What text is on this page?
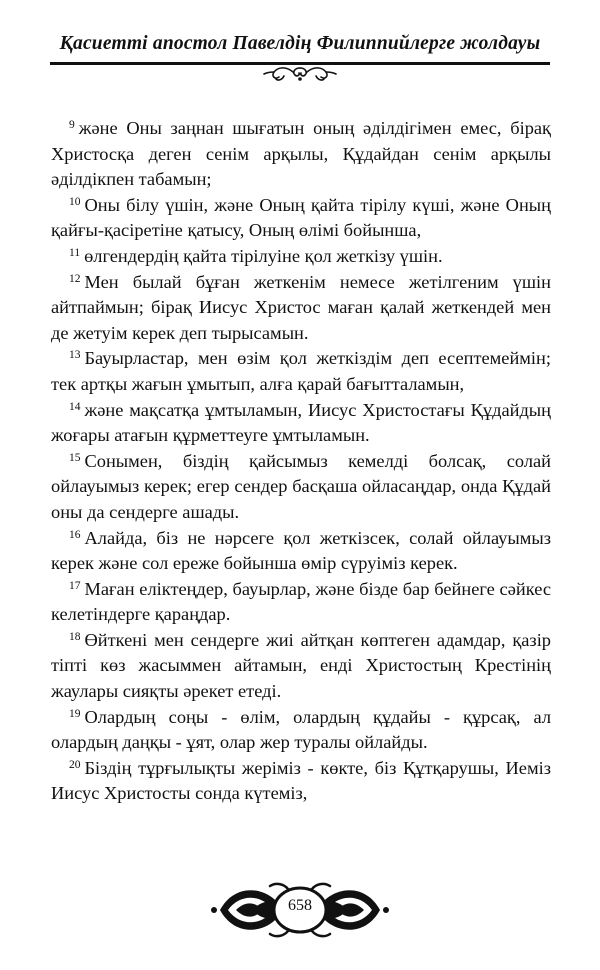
Қасиетті апостол Павелдің Филиппийлерге жолдауы

$^9$ және Оны заңнан шығатын оның әділдігімен емес, бірақ Христосқа деген сенім арқылы, Құдайдан сенім арқылы әділдікпен табамын;

$^{10}$ Оны білу үшін, және Оның қайта тірілу күші, және Оның қайғы-қасіретіне қатысу, Оның өлімі бойынша,

$^{11}$ өлгендердің қайта тірілуіне қол жеткізу үшін.

$^{12}$ Мен былай бұған жеткенім немесе жетілгеним үшін айтпаймын; бірақ Иисус Христос маған қалай жеткендей мен де жетуім керек деп тырысамын.

$^{13}$ Бауырластар, мен өзім қол жеткіздім деп есептемеймін; тек артқы жағын ұмытып, алға қарай бағытталамын,

$^{14}$ және мақсатқа ұмтыламын, Иисус Христостағы Құдайдың жоғары атағын құрметтеуге ұмтыламын.

$^{15}$ Сонымен, біздің қайсымыз кемелді болсақ, солай ойлауымыз керек; егер сендер басқаша ойласаңдар, онда Құдай оны да сендерге ашады.

$^{16}$ Алайда, біз не нәрсеге қол жеткізсек, солай ойлауымыз керек және сол ереже бойынша өмір сүруіміз керек.

$^{17}$ Маған еліктеңдер, бауырлар, және бізде бар бейнеге сәйкес келетіндерге қараңдар.

$^{18}$ Өйткені мен сендерге жиі айтқан көптеген адамдар, қазір тіпті көз жасыммен айтамын, енді Христостың Крестінің жаулары сияқты әрекет етеді.

$^{19}$ Олардың соңы - өлім, олардың құдайы - құрсақ, ал олардың даңқы - ұят, олар жер туралы ойлайды.

$^{20}$ Біздің тұрғылықты жеріміз - көкте, біз Құтқарушы, Иеміз Иисус Христосты сонда күтеміз,

658
